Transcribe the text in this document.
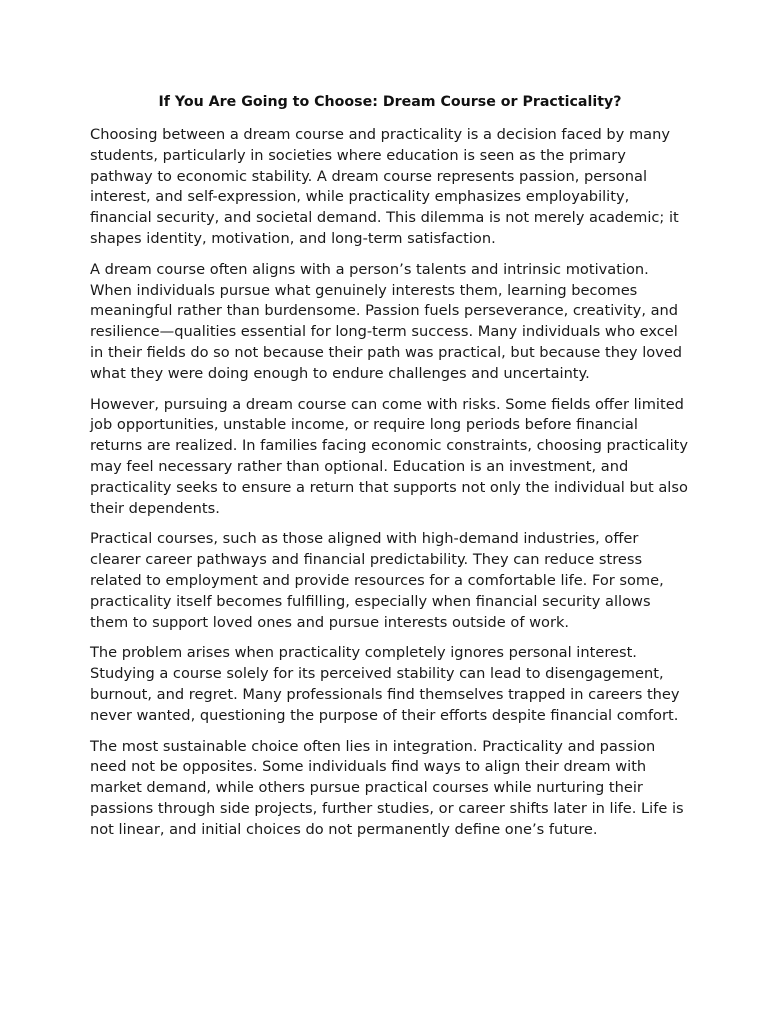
If You Are Going to Choose: Dream Course or Practicality?

Choosing between a dream course and practicality is a decision faced by many students, particularly in societies where education is seen as the primary pathway to economic stability. A dream course represents passion, personal interest, and self-expression, while practicality emphasizes employability, financial security, and societal demand. This dilemma is not merely academic; it shapes identity, motivation, and long-term satisfaction.

A dream course often aligns with a person’s talents and intrinsic motivation. When individuals pursue what genuinely interests them, learning becomes meaningful rather than burdensome. Passion fuels perseverance, creativity, and resilience—qualities essential for long-term success. Many individuals who excel in their fields do so not because their path was practical, but because they loved what they were doing enough to endure challenges and uncertainty.

However, pursuing a dream course can come with risks. Some fields offer limited job opportunities, unstable income, or require long periods before financial returns are realized. In families facing economic constraints, choosing practicality may feel necessary rather than optional. Education is an investment, and practicality seeks to ensure a return that supports not only the individual but also their dependents.

Practical courses, such as those aligned with high-demand industries, offer clearer career pathways and financial predictability. They can reduce stress related to employment and provide resources for a comfortable life. For some, practicality itself becomes fulfilling, especially when financial security allows them to support loved ones and pursue interests outside of work.

The problem arises when practicality completely ignores personal interest. Studying a course solely for its perceived stability can lead to disengagement, burnout, and regret. Many professionals find themselves trapped in careers they never wanted, questioning the purpose of their efforts despite financial comfort.

The most sustainable choice often lies in integration. Practicality and passion need not be opposites. Some individuals find ways to align their dream with market demand, while others pursue practical courses while nurturing their passions through side projects, further studies, or career shifts later in life. Life is not linear, and initial choices do not permanently define one’s future.
